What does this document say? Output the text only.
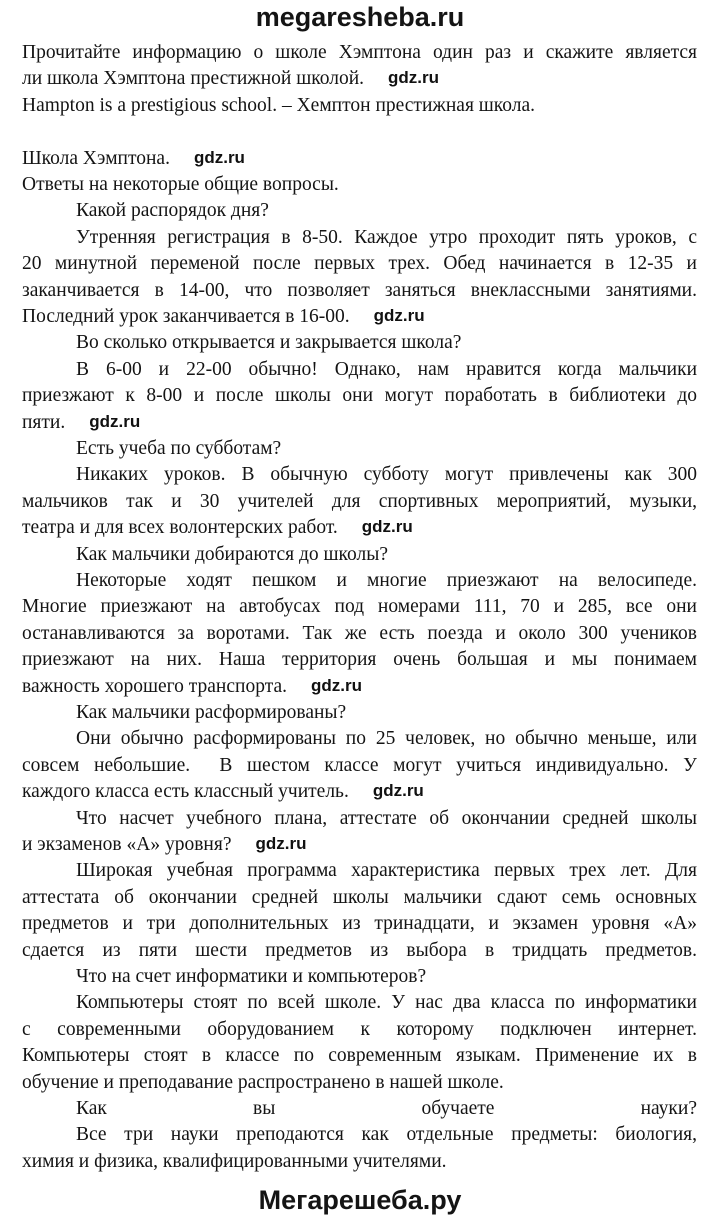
megaresheba.ru
Прочитайте информацию о школе Хэмптона один раз и скажите является
ли школа Хэмптона престижной школой. gdz.ru
Hampton is a prestigious school. – Хемптон престижная школа.
Школа Хэмптона. gdz.ru
Ответы на некоторые общие вопросы.
Какой распорядок дня?
Утренняя регистрация в 8-50. Каждое утро проходит пять уроков, с
20 минутной переменой после первых трех. Обед начинается в 12-35 и
заканчивается в 14-00, что позволяет заняться внеклассными занятиями.
Последний урок заканчивается в 16-00. gdz.ru
Во сколько открывается и закрывается школа?
В 6-00 и 22-00 обычно! Однако, нам нравится когда мальчики
приезжают к 8-00 и после школы они могут поработать в библиотеки до
пяти. gdz.ru
Есть учеба по субботам?
Никаких уроков. В обычную субботу могут привлечены как 300
мальчиков так и 30 учителей для спортивных мероприятий, музыки,
театра и для всех волонтерских работ. gdz.ru
Как мальчики добираются до школы?
Некоторые ходят пешком и многие приезжают на велосипеде.
Многие приезжают на автобусах под номерами 111, 70 и 285, все они
останавливаются за воротами. Так же есть поезда и около 300 учеников
приезжают на них. Наша территория очень большая и мы понимаем
важность хорошего транспорта. gdz.ru
Как мальчики расформированы?
Они обычно расформированы по 25 человек, но обычно меньше, или
совсем небольшие.  В шестом классе могут учиться индивидуально. У
каждого класса есть классный учитель. gdz.ru
Что насчет учебного плана, аттестате об окончании средней школы
и экзаменов «А» уровня? gdz.ru
Широкая учебная программа характеристика первых трех лет. Для
аттестата об окончании средней школы мальчики сдают семь основных
предметов и три дополнительных из тринадцати, и экзамен уровня «А»
сдается из пяти шести предметов из выбора в тридцать предметов.
Что на счет информатики и компьютеров?
Компьютеры стоят по всей школе. У нас два класса по информатики
с современными оборудованием к которому подключен интернет.
Компьютеры стоят в классе по современным языкам. Применение их в
обучение и преподавание распространено в нашей школе.
Как вы обучаете науки?
Все три науки преподаются как отдельные предметы: биология,
химия и физика, квалифицированными учителями.
Мегарешеба.ру
